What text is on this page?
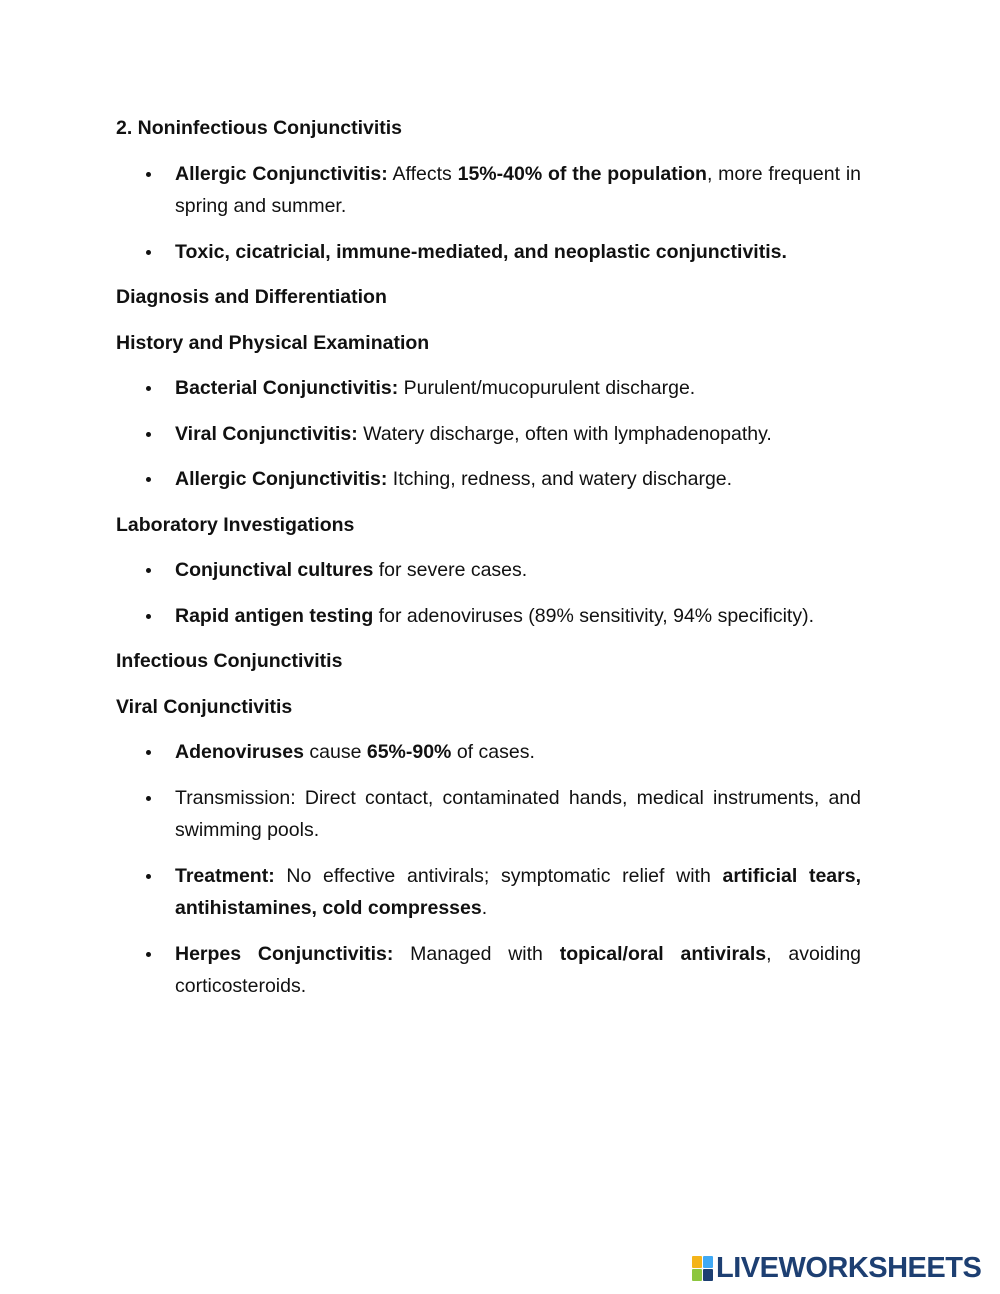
2. Noninfectious Conjunctivitis
Allergic Conjunctivitis: Affects 15%-40% of the population, more frequent in spring and summer.
Toxic, cicatricial, immune-mediated, and neoplastic conjunctivitis.
Diagnosis and Differentiation
History and Physical Examination
Bacterial Conjunctivitis: Purulent/mucopurulent discharge.
Viral Conjunctivitis: Watery discharge, often with lymphadenopathy.
Allergic Conjunctivitis: Itching, redness, and watery discharge.
Laboratory Investigations
Conjunctival cultures for severe cases.
Rapid antigen testing for adenoviruses (89% sensitivity, 94% specificity).
Infectious Conjunctivitis
Viral Conjunctivitis
Adenoviruses cause 65%-90% of cases.
Transmission: Direct contact, contaminated hands, medical instruments, and swimming pools.
Treatment: No effective antivirals; symptomatic relief with artificial tears, antihistamines, cold compresses.
Herpes Conjunctivitis: Managed with topical/oral antivirals, avoiding corticosteroids.
LIVEWORKSHEETS
